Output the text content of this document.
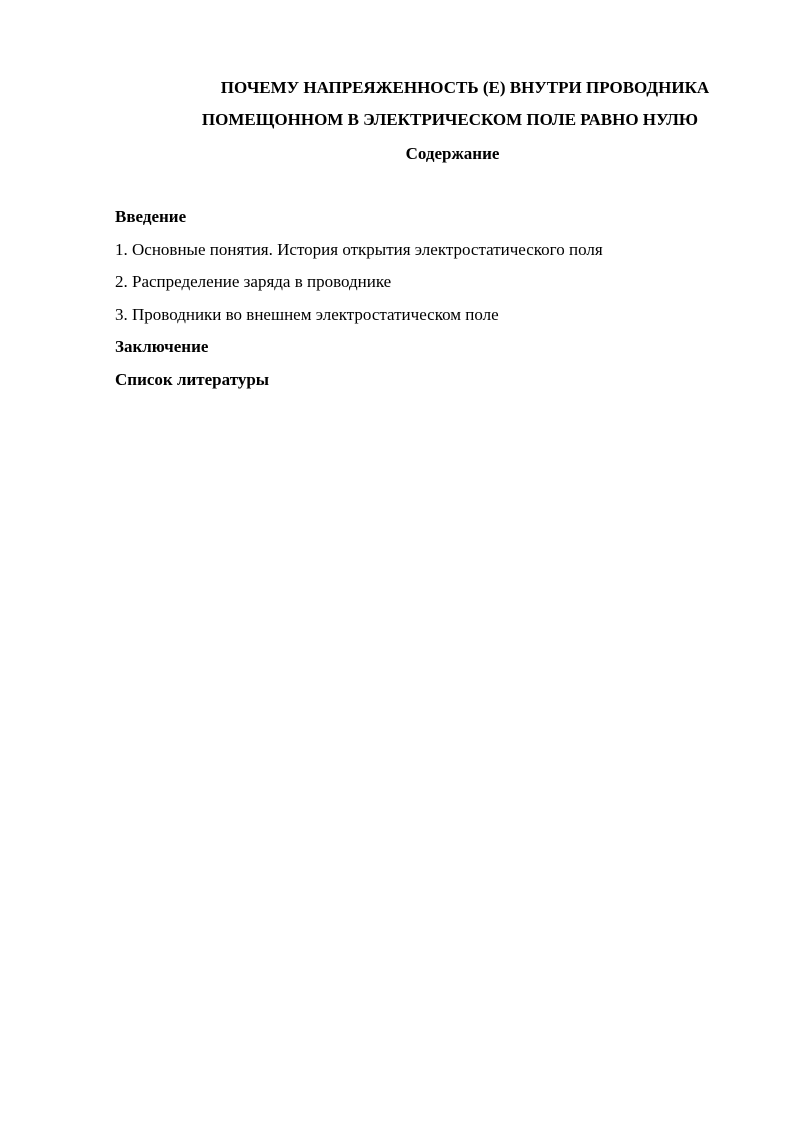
ПОЧЕМУ НАПРЕЯЖЕННОСТЬ (Е) ВНУТРИ ПРОВОДНИКА
ПОМЕЩОННОМ В ЭЛЕКТРИЧЕСКОМ ПОЛЕ РАВНО НУЛЮ
Содержание
Введение
1. Основные понятия. История открытия электростатического поля
2. Распределение заряда в проводнике
3. Проводники во внешнем электростатическом поле
Заключение
Список литературы
